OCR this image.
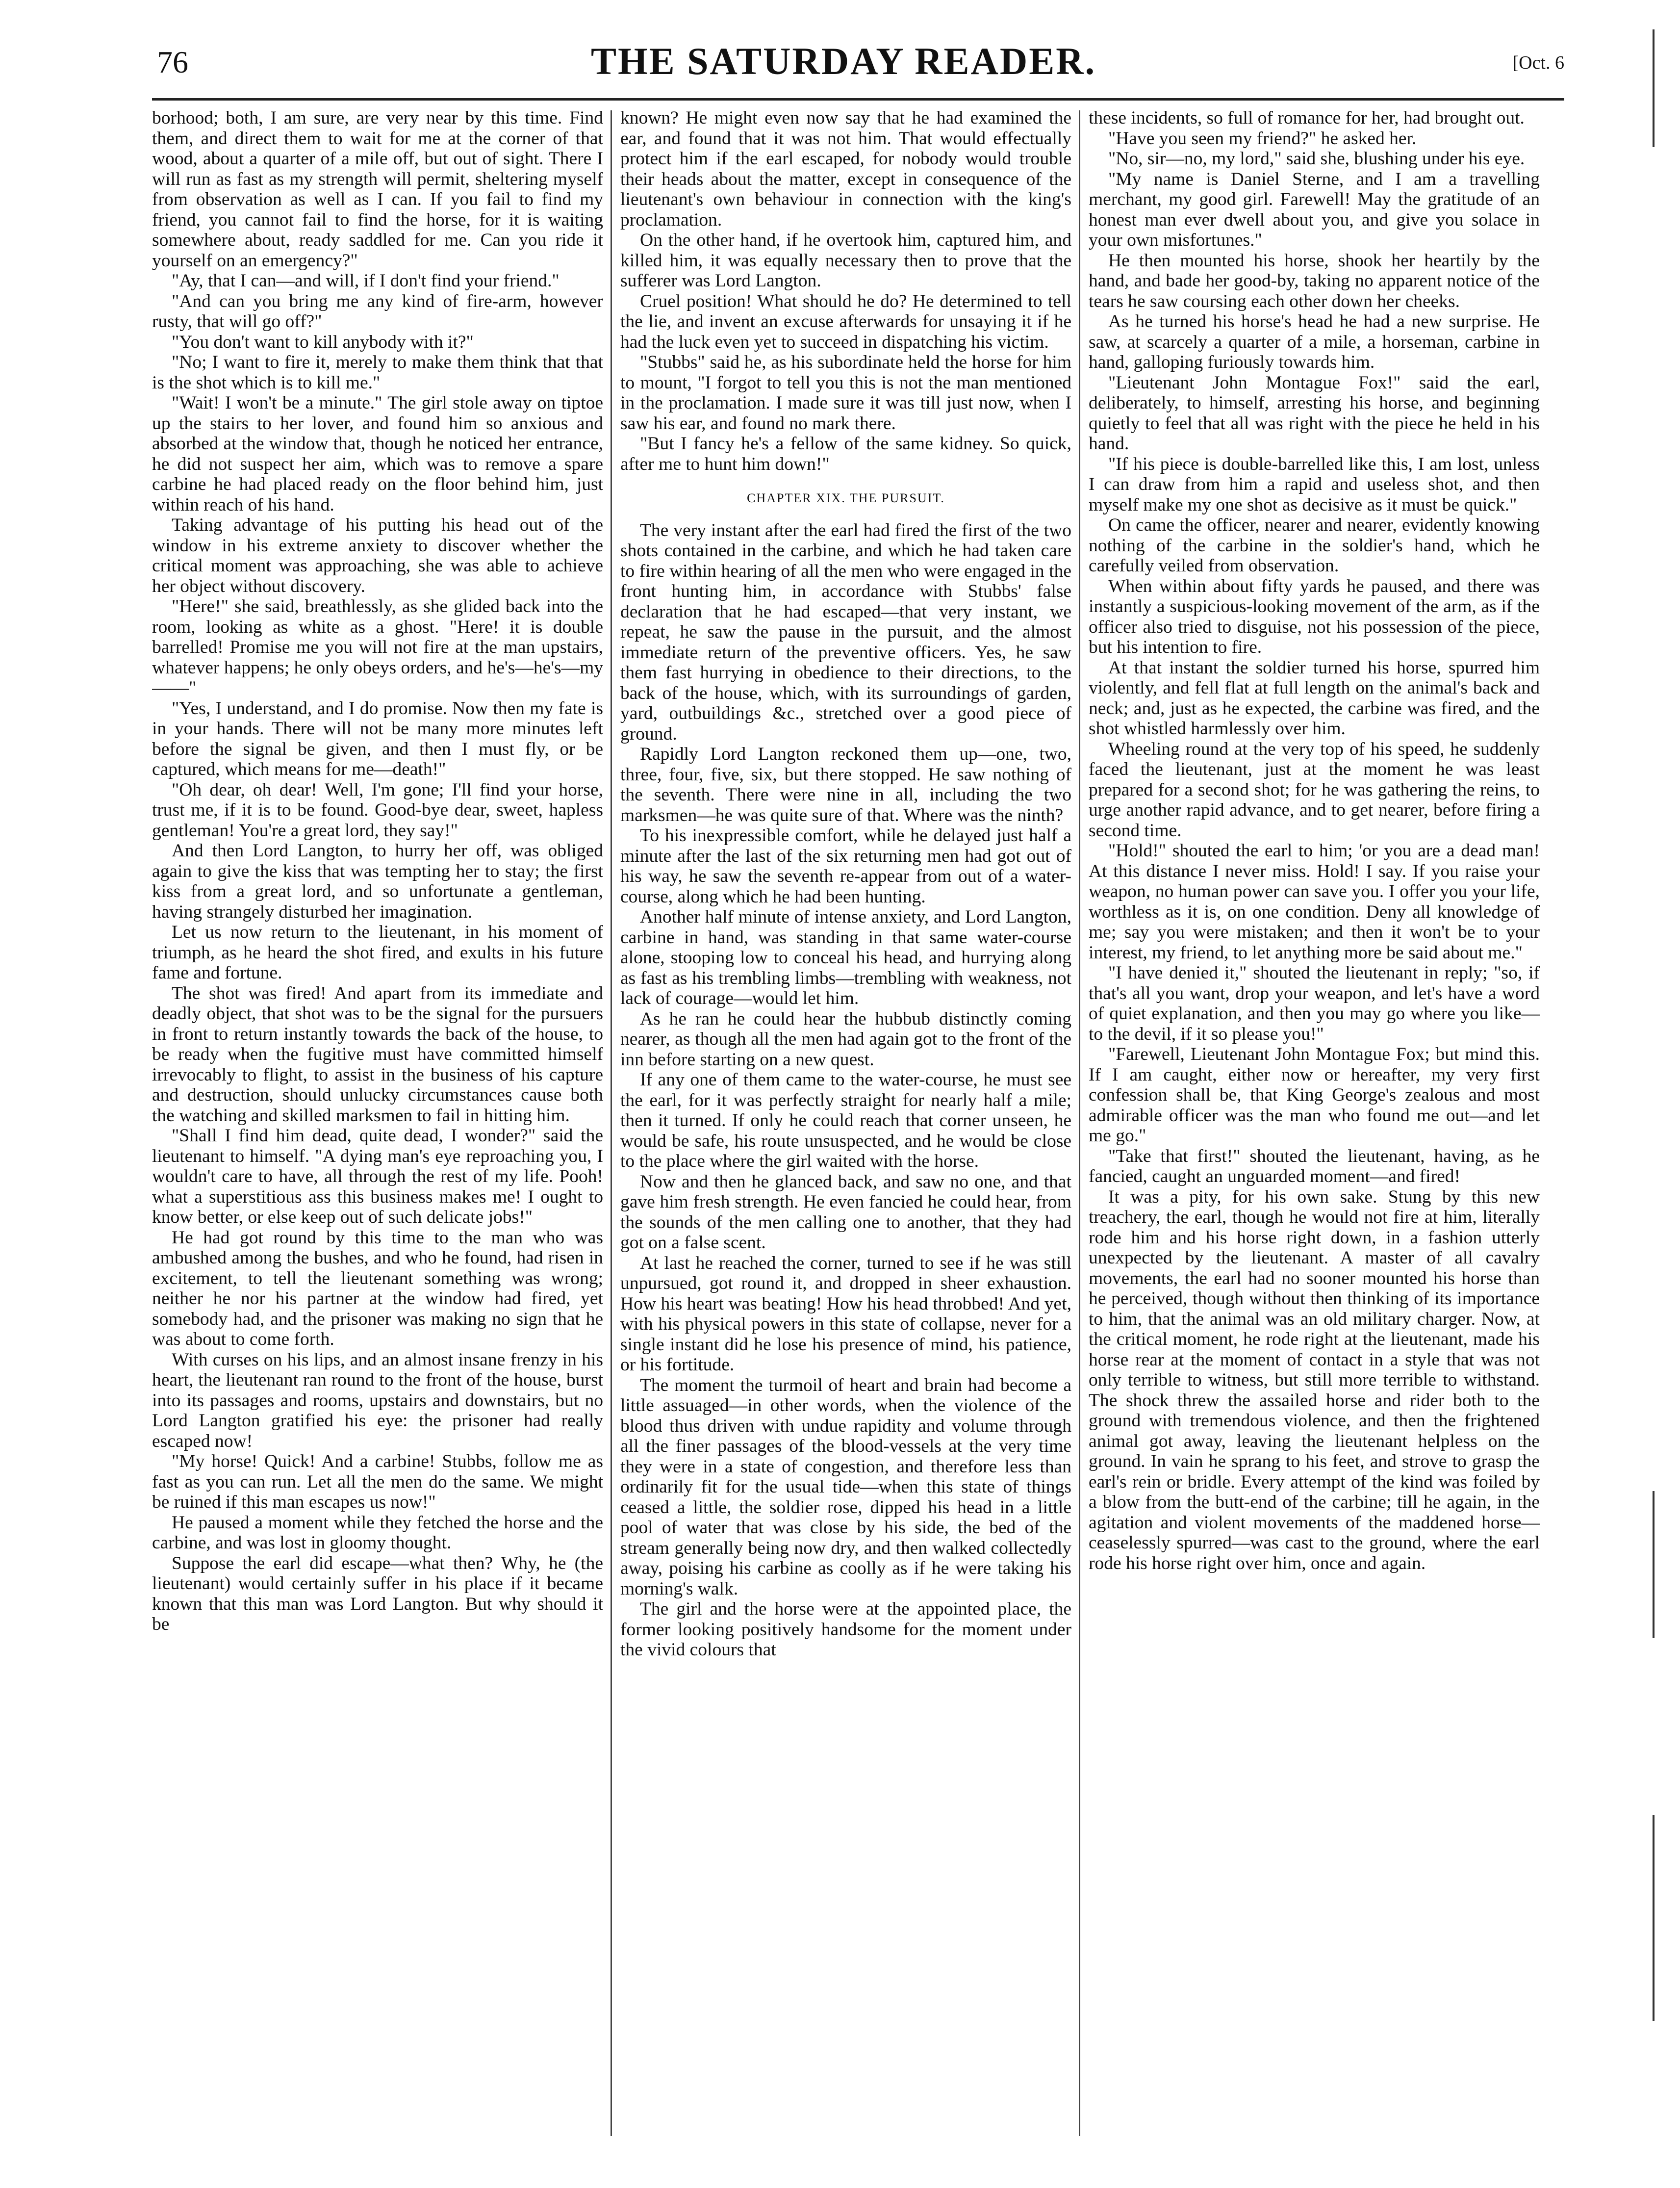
76	THE SATURDAY READER.	[Oct. 6

borhood; both, I am sure, are very near by this time. Find them, and direct them to wait for me at the corner of that wood, about a quarter of a mile off, but out of sight. There I will run as fast as my strength will permit, sheltering myself from observation as well as I can. If you fail to find my friend, you cannot fail to find the horse, for it is waiting somewhere about, ready saddled for me. Can you ride it yourself on an emergency?"

"Ay, that I can—and will, if I don't find your friend."

"And can you bring me any kind of fire-arm, however rusty, that will go off?"

"You don't want to kill anybody with it?"

"No; I want to fire it, merely to make them think that that is the shot which is to kill me."

"Wait! I won't be a minute." The girl stole away on tiptoe up the stairs to her lover, and found him so anxious and absorbed at the window that, though he noticed her entrance, he did not suspect her aim, which was to remove a spare carbine he had placed ready on the floor behind him, just within reach of his hand.

Taking advantage of his putting his head out of the window in his extreme anxiety to discover whether the critical moment was approaching, she was able to achieve her object without discovery.

"Here!" she said, breathlessly, as she glided back into the room, looking as white as a ghost. "Here! it is double barrelled! Promise me you will not fire at the man upstairs, whatever happens; he only obeys orders, and he's—he's—my ——"

"Yes, I understand, and I do promise. Now then my fate is in your hands. There will not be many more minutes left before the signal be given, and then I must fly, or be captured, which means for me—death!"

"Oh dear, oh dear! Well, I'm gone; I'll find your horse, trust me, if it is to be found. Good-bye dear, sweet, hapless gentleman! You're a great lord, they say!"

And then Lord Langton, to hurry her off, was obliged again to give the kiss that was tempting her to stay; the first kiss from a great lord, and so unfortunate a gentleman, having strangely disturbed her imagination.

Let us now return to the lieutenant, in his moment of triumph, as he heard the shot fired, and exults in his future fame and fortune.

The shot was fired! And apart from its immediate and deadly object, that shot was to be the signal for the pursuers in front to return instantly towards the back of the house, to be ready when the fugitive must have committed himself irrevocably to flight, to assist in the business of his capture and destruction, should unlucky circumstances cause both the watching and skilled marksmen to fail in hitting him.

"Shall I find him dead, quite dead, I wonder?" said the lieutenant to himself. "A dying man's eye reproaching you, I wouldn't care to have, all through the rest of my life. Pooh! what a superstitious ass this business makes me! I ought to know better, or else keep out of such delicate jobs!"

He had got round by this time to the man who was ambushed among the bushes, and who he found, had risen in excitement, to tell the lieutenant something was wrong; neither he nor his partner at the window had fired, yet somebody had, and the prisoner was making no sign that he was about to come forth.

With curses on his lips, and an almost insane frenzy in his heart, the lieutenant ran round to the front of the house, burst into its passages and rooms, upstairs and downstairs, but no Lord Langton gratified his eye: the prisoner had really escaped now!

"My horse! Quick! And a carbine! Stubbs, follow me as fast as you can run. Let all the men do the same. We might be ruined if this man escapes us now!"

He paused a moment while they fetched the horse and the carbine, and was lost in gloomy thought.

Suppose the earl did escape—what then? Why, he (the lieutenant) would certainly suffer in his place if it became known that this man was Lord Langton. But why should it be

known? He might even now say that he had examined the ear, and found that it was not him. That would effectually protect him if the earl escaped, for nobody would trouble their heads about the matter, except in consequence of the lieutenant's own behaviour in connection with the king's proclamation.

On the other hand, if he overtook him, captured him, and killed him, it was equally necessary then to prove that the sufferer was Lord Langton.

Cruel position! What should he do? He determined to tell the lie, and invent an excuse afterwards for unsaying it if he had the luck even yet to succeed in dispatching his victim.

"Stubbs" said he, as his subordinate held the horse for him to mount, "I forgot to tell you this is not the man mentioned in the proclamation. I made sure it was till just now, when I saw his ear, and found no mark there.

"But I fancy he's a fellow of the same kidney. So quick, after me to hunt him down!"

CHAPTER XIX. THE PURSUIT.

The very instant after the earl had fired the first of the two shots contained in the carbine, and which he had taken care to fire within hearing of all the men who were engaged in the front hunting him, in accordance with Stubbs' false declaration that he had escaped—that very instant, we repeat, he saw the pause in the pursuit, and the almost immediate return of the preventive officers. Yes, he saw them fast hurrying in obedience to their directions, to the back of the house, which, with its surroundings of garden, yard, outbuildings &c., stretched over a good piece of ground.

Rapidly Lord Langton reckoned them up—one, two, three, four, five, six, but there stopped. He saw nothing of the seventh. There were nine in all, including the two marksmen—he was quite sure of that. Where was the ninth?

To his inexpressible comfort, while he delayed just half a minute after the last of the six returning men had got out of his way, he saw the seventh re-appear from out of a water-course, along which he had been hunting.

Another half minute of intense anxiety, and Lord Langton, carbine in hand, was standing in that same water-course alone, stooping low to conceal his head, and hurrying along as fast as his trembling limbs—trembling with weakness, not lack of courage—would let him.

As he ran he could hear the hubbub distinctly coming nearer, as though all the men had again got to the front of the inn before starting on a new quest.

If any one of them came to the water-course, he must see the earl, for it was perfectly straight for nearly half a mile; then it turned. If only he could reach that corner unseen, he would be safe, his route unsuspected, and he would be close to the place where the girl waited with the horse.

Now and then he glanced back, and saw no one, and that gave him fresh strength. He even fancied he could hear, from the sounds of the men calling one to another, that they had got on a false scent.

At last he reached the corner, turned to see if he was still unpursued, got round it, and dropped in sheer exhaustion. How his heart was beating! How his head throbbed! And yet, with his physical powers in this state of collapse, never for a single instant did he lose his presence of mind, his patience, or his fortitude.

The moment the turmoil of heart and brain had become a little assuaged—in other words, when the violence of the blood thus driven with undue rapidity and volume through all the finer passages of the blood-vessels at the very time they were in a state of congestion, and therefore less than ordinarily fit for the usual tide—when this state of things ceased a little, the soldier rose, dipped his head in a little pool of water that was close by his side, the bed of the stream generally being now dry, and then walked collectedly away, poising his carbine as coolly as if he were taking his morning's walk.

The girl and the horse were at the appointed place, the former looking positively handsome for the moment under the vivid colours that

these incidents, so full of romance for her, had brought out.

"Have you seen my friend?" he asked her.

"No, sir—no, my lord," said she, blushing under his eye.

"My name is Daniel Sterne, and I am a travelling merchant, my good girl. Farewell! May the gratitude of an honest man ever dwell about you, and give you solace in your own misfortunes."

He then mounted his horse, shook her heartily by the hand, and bade her good-by, taking no apparent notice of the tears he saw coursing each other down her cheeks.

As he turned his horse's head he had a new surprise. He saw, at scarcely a quarter of a mile, a horseman, carbine in hand, galloping furiously towards him.

"Lieutenant John Montague Fox!" said the earl, deliberately, to himself, arresting his horse, and beginning quietly to feel that all was right with the piece he held in his hand.

"If his piece is double-barrelled like this, I am lost, unless I can draw from him a rapid and useless shot, and then myself make my one shot as decisive as it must be quick."

On came the officer, nearer and nearer, evidently knowing nothing of the carbine in the soldier's hand, which he carefully veiled from observation.

When within about fifty yards he paused, and there was instantly a suspicious-looking movement of the arm, as if the officer also tried to disguise, not his possession of the piece, but his intention to fire.

At that instant the soldier turned his horse, spurred him violently, and fell flat at full length on the animal's back and neck; and, just as he expected, the carbine was fired, and the shot whistled harmlessly over him.

Wheeling round at the very top of his speed, he suddenly faced the lieutenant, just at the moment he was least prepared for a second shot; for he was gathering the reins, to urge another rapid advance, and to get nearer, before firing a second time.

"Hold!" shouted the earl to him; 'or you are a dead man! At this distance I never miss. Hold! I say. If you raise your weapon, no human power can save you. I offer you your life, worthless as it is, on one condition. Deny all knowledge of me; say you were mistaken; and then it won't be to your interest, my friend, to let anything more be said about me."

"I have denied it," shouted the lieutenant in reply; "so, if that's all you want, drop your weapon, and let's have a word of quiet explanation, and then you may go where you like—to the devil, if it so please you!"

"Farewell, Lieutenant John Montague Fox; but mind this. If I am caught, either now or hereafter, my very first confession shall be, that King George's zealous and most admirable officer was the man who found me out—and let me go."

"Take that first!" shouted the lieutenant, having, as he fancied, caught an unguarded moment—and fired!

It was a pity, for his own sake. Stung by this new treachery, the earl, though he would not fire at him, literally rode him and his horse right down, in a fashion utterly unexpected by the lieutenant. A master of all cavalry movements, the earl had no sooner mounted his horse than he perceived, though without then thinking of its importance to him, that the animal was an old military charger. Now, at the critical moment, he rode right at the lieutenant, made his horse rear at the moment of contact in a style that was not only terrible to witness, but still more terrible to withstand. The shock threw the assailed horse and rider both to the ground with tremendous violence, and then the frightened animal got away, leaving the lieutenant helpless on the ground. In vain he sprang to his feet, and strove to grasp the earl's rein or bridle. Every attempt of the kind was foiled by a blow from the butt-end of the carbine; till he again, in the agitation and violent movements of the maddened horse—ceaselessly spurred—was cast to the ground, where the earl rode his horse right over him, once and again.
